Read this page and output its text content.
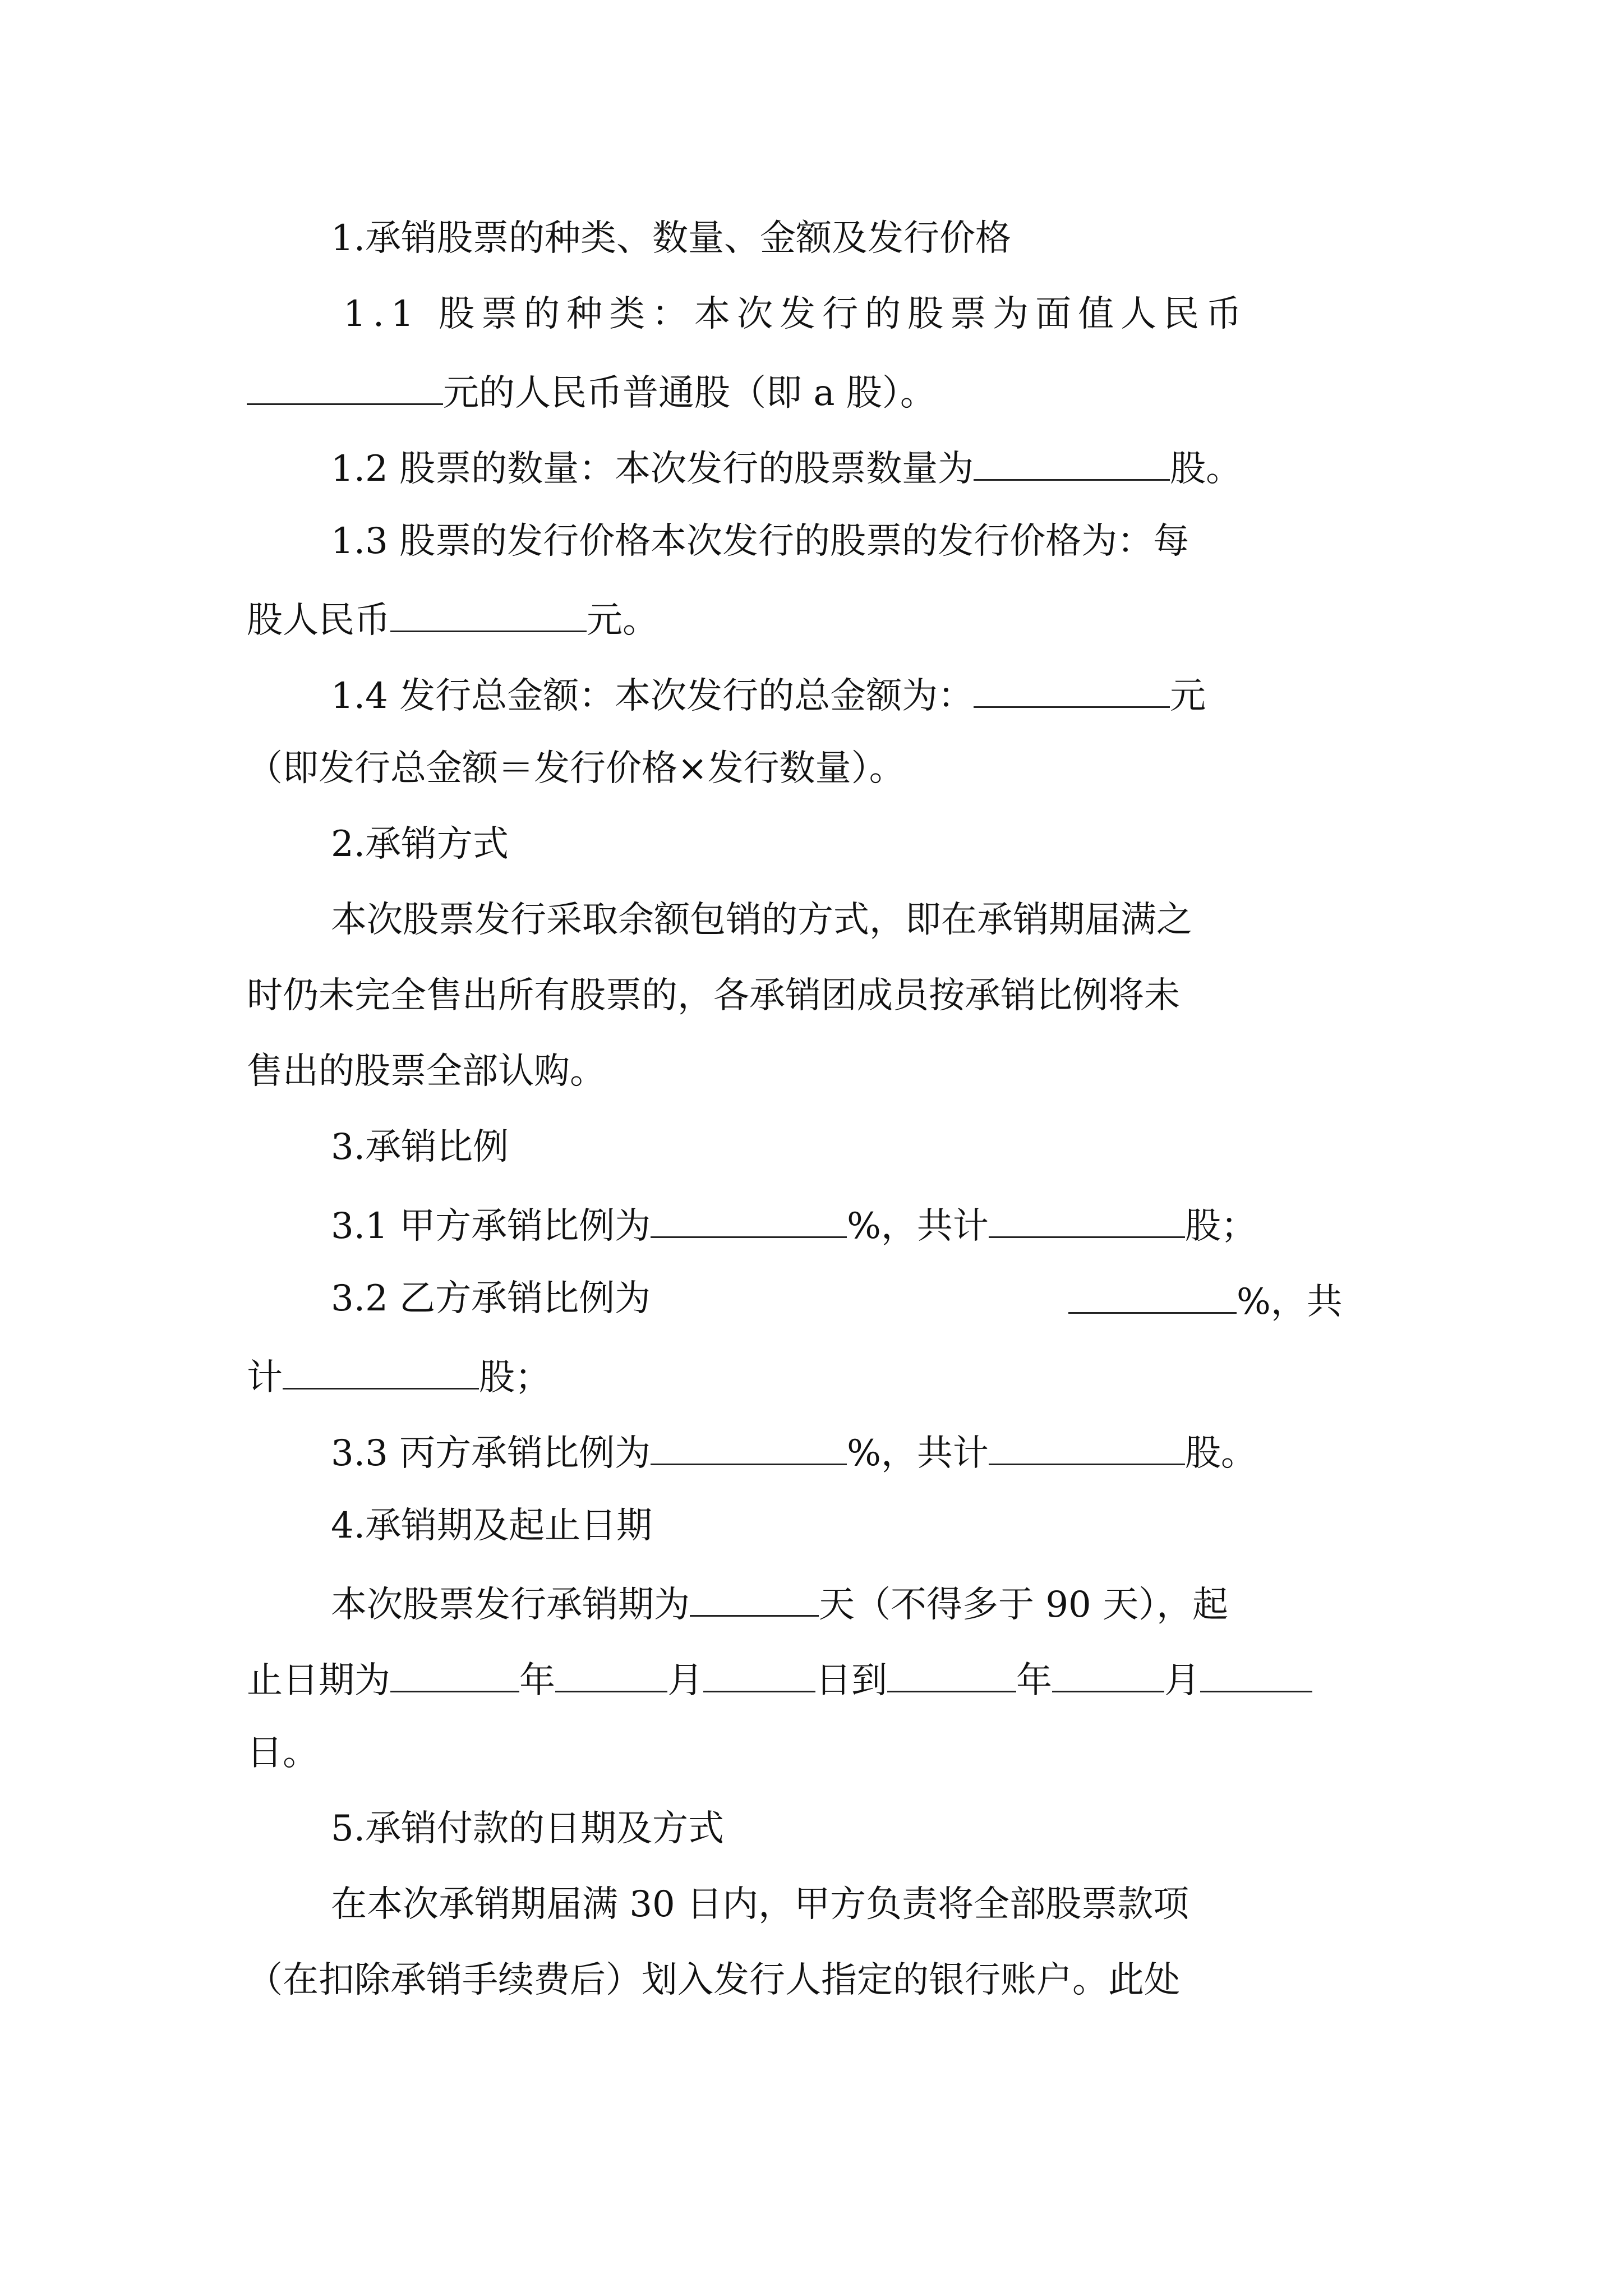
1.承销股票的种类、数量、金额及发行价格
1.1 股票的种类：本次发行的股票为面值人民币
元的人民币普通股（即 a 股）。
1.2 股票的数量：本次发行的股票数量为	股。
1.3 股票的发行价格本次发行的股票的发行价格为：每
股人民币	元。
1.4 发行总金额：本次发行的总金额为：	元
（即发行总金额＝发行价格×发行数量）。
2.承销方式
本次股票发行采取余额包销的方式，即在承销期届满之
时仍未完全售出所有股票的，各承销团成员按承销比例将未
售出的股票全部认购。
3.承销比例
3.1 甲方承销比例为	%，共计	股；
3.2 乙方承销比例为	%，共
计	股；
3.3 丙方承销比例为	%，共计	股。
4.承销期及起止日期
本次股票发行承销期为	天（不得多于 90 天），起
止日期为	年	月	日到	年	月
日。
5.承销付款的日期及方式
在本次承销期届满 30 日内，甲方负责将全部股票款项
（在扣除承销手续费后）划入发行人指定的银行账户。此处
